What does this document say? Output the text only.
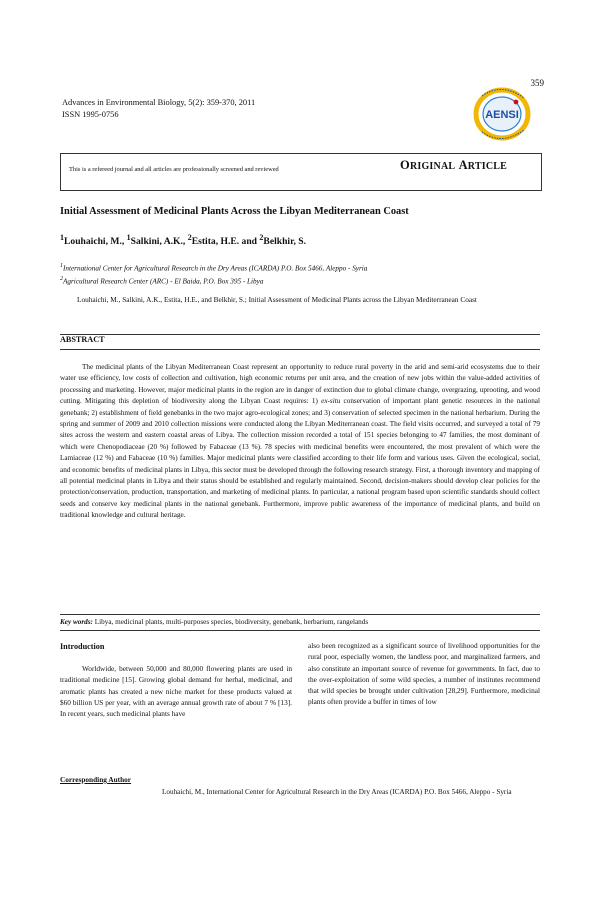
359
Advances in Environmental Biology, 5(2): 359-370, 2011
ISSN 1995-0756	AENSI
This is a refereed journal and all articles are professionally screened and reviewed	ORIGINAL ARTICLE
Initial Assessment of Medicinal Plants Across the Libyan Mediterranean Coast
$^1$Louhaichi, M., $^1$Salkini, A.K., $^2$Estita, H.E. and $^2$Belkhir, S.
$^1$International Center for Agricultural Research in the Dry Areas (ICARDA) P.O. Box 5466, Aleppo - Syria
$^2$Agricultural Research Center (ARC) - El Baida, P.O. Box 395 - Libya
Louhaichi, M., Salkini, A.K., Estita, H.E., and Belkhir, S.; Initial Assessment of Medicinal Plants across the Libyan Mediterranean Coast
ABSTRACT

The medicinal plants of the Libyan Mediterranean Coast represent an opportunity to reduce rural poverty in the arid and semi-arid ecosystems due to their water use efficiency, low costs of collection and cultivation, high economic returns per unit area, and the creation of new jobs within the value-added activities of processing and marketing. However, major medicinal plants in the region are in danger of extinction due to global climate change, overgrazing, uprooting, and wood cutting. Mitigating this depletion of biodiversity along the Libyan Coast requires: 1) ex-situ conservation of important plant genetic resources in the national genebank; 2) establishment of field genebanks in the two major agro-ecological zones; and 3) conservation of selected specimen in the national herbarium. During the spring and summer of 2009 and 2010 collection missions were conducted along the Libyan Mediterranean coast. The field visits occurred, and surveyed a total of 79 sites across the western and eastern coastal areas of Libya. The collection mission recorded a total of 151 species belonging to 47 families, the most dominant of which were Chenopodiaceae (20 %) followed by Fabaceae (13 %). 78 species with medicinal benefits were encountered, the most prevalent of which were the Lamiaceae (12 %) and Fabaceae (10 %) families. Major medicinal plants were classified according to their life form and various uses. Given the ecological, social, and economic benefits of medicinal plants in Libya, this sector must be developed through the following research strategy. First, a thorough inventory and mapping of all potential medicinal plants in Libya and their status should be established and regularly maintained. Second, decision-makers should develop clear policies for the protection/conservation, production, transportation, and marketing of medicinal plants. In particular, a national program based upon scientific standards should collect seeds and conserve key medicinal plants in the national genebank. Furthermore, improve public awareness of the importance of medicinal plants, and build on traditional knowledge and cultural heritage.

Key words: Libya, medicinal plants, multi-purposes species, biodiversity, genebank, herbarium, rangelands
Introduction

Worldwide, between 50,000 and 80,000 flowering plants are used in traditional medicine [15]. Growing global demand for herbal, medicinal, and aromatic plants has created a new niche market for these products valued at $60 billion US per year, with an average annual growth rate of about 7 % [13]. In recent years, such medicinal plants have

also been recognized as a significant source of livelihood opportunities for the rural poor, especially women, the landless poor, and marginalized farmers, and also constitute an important source of revenue for governments. In fact, due to the over-exploitation of some wild species, a number of institutes recommend that wild species be brought under cultivation [28,29]. Furthermore, medicinal plants often provide a buffer in times of low

Corresponding Author
Louhaichi, M., International Center for Agricultural Research in the Dry Areas (ICARDA) P.O. Box 5466, Aleppo - Syria
